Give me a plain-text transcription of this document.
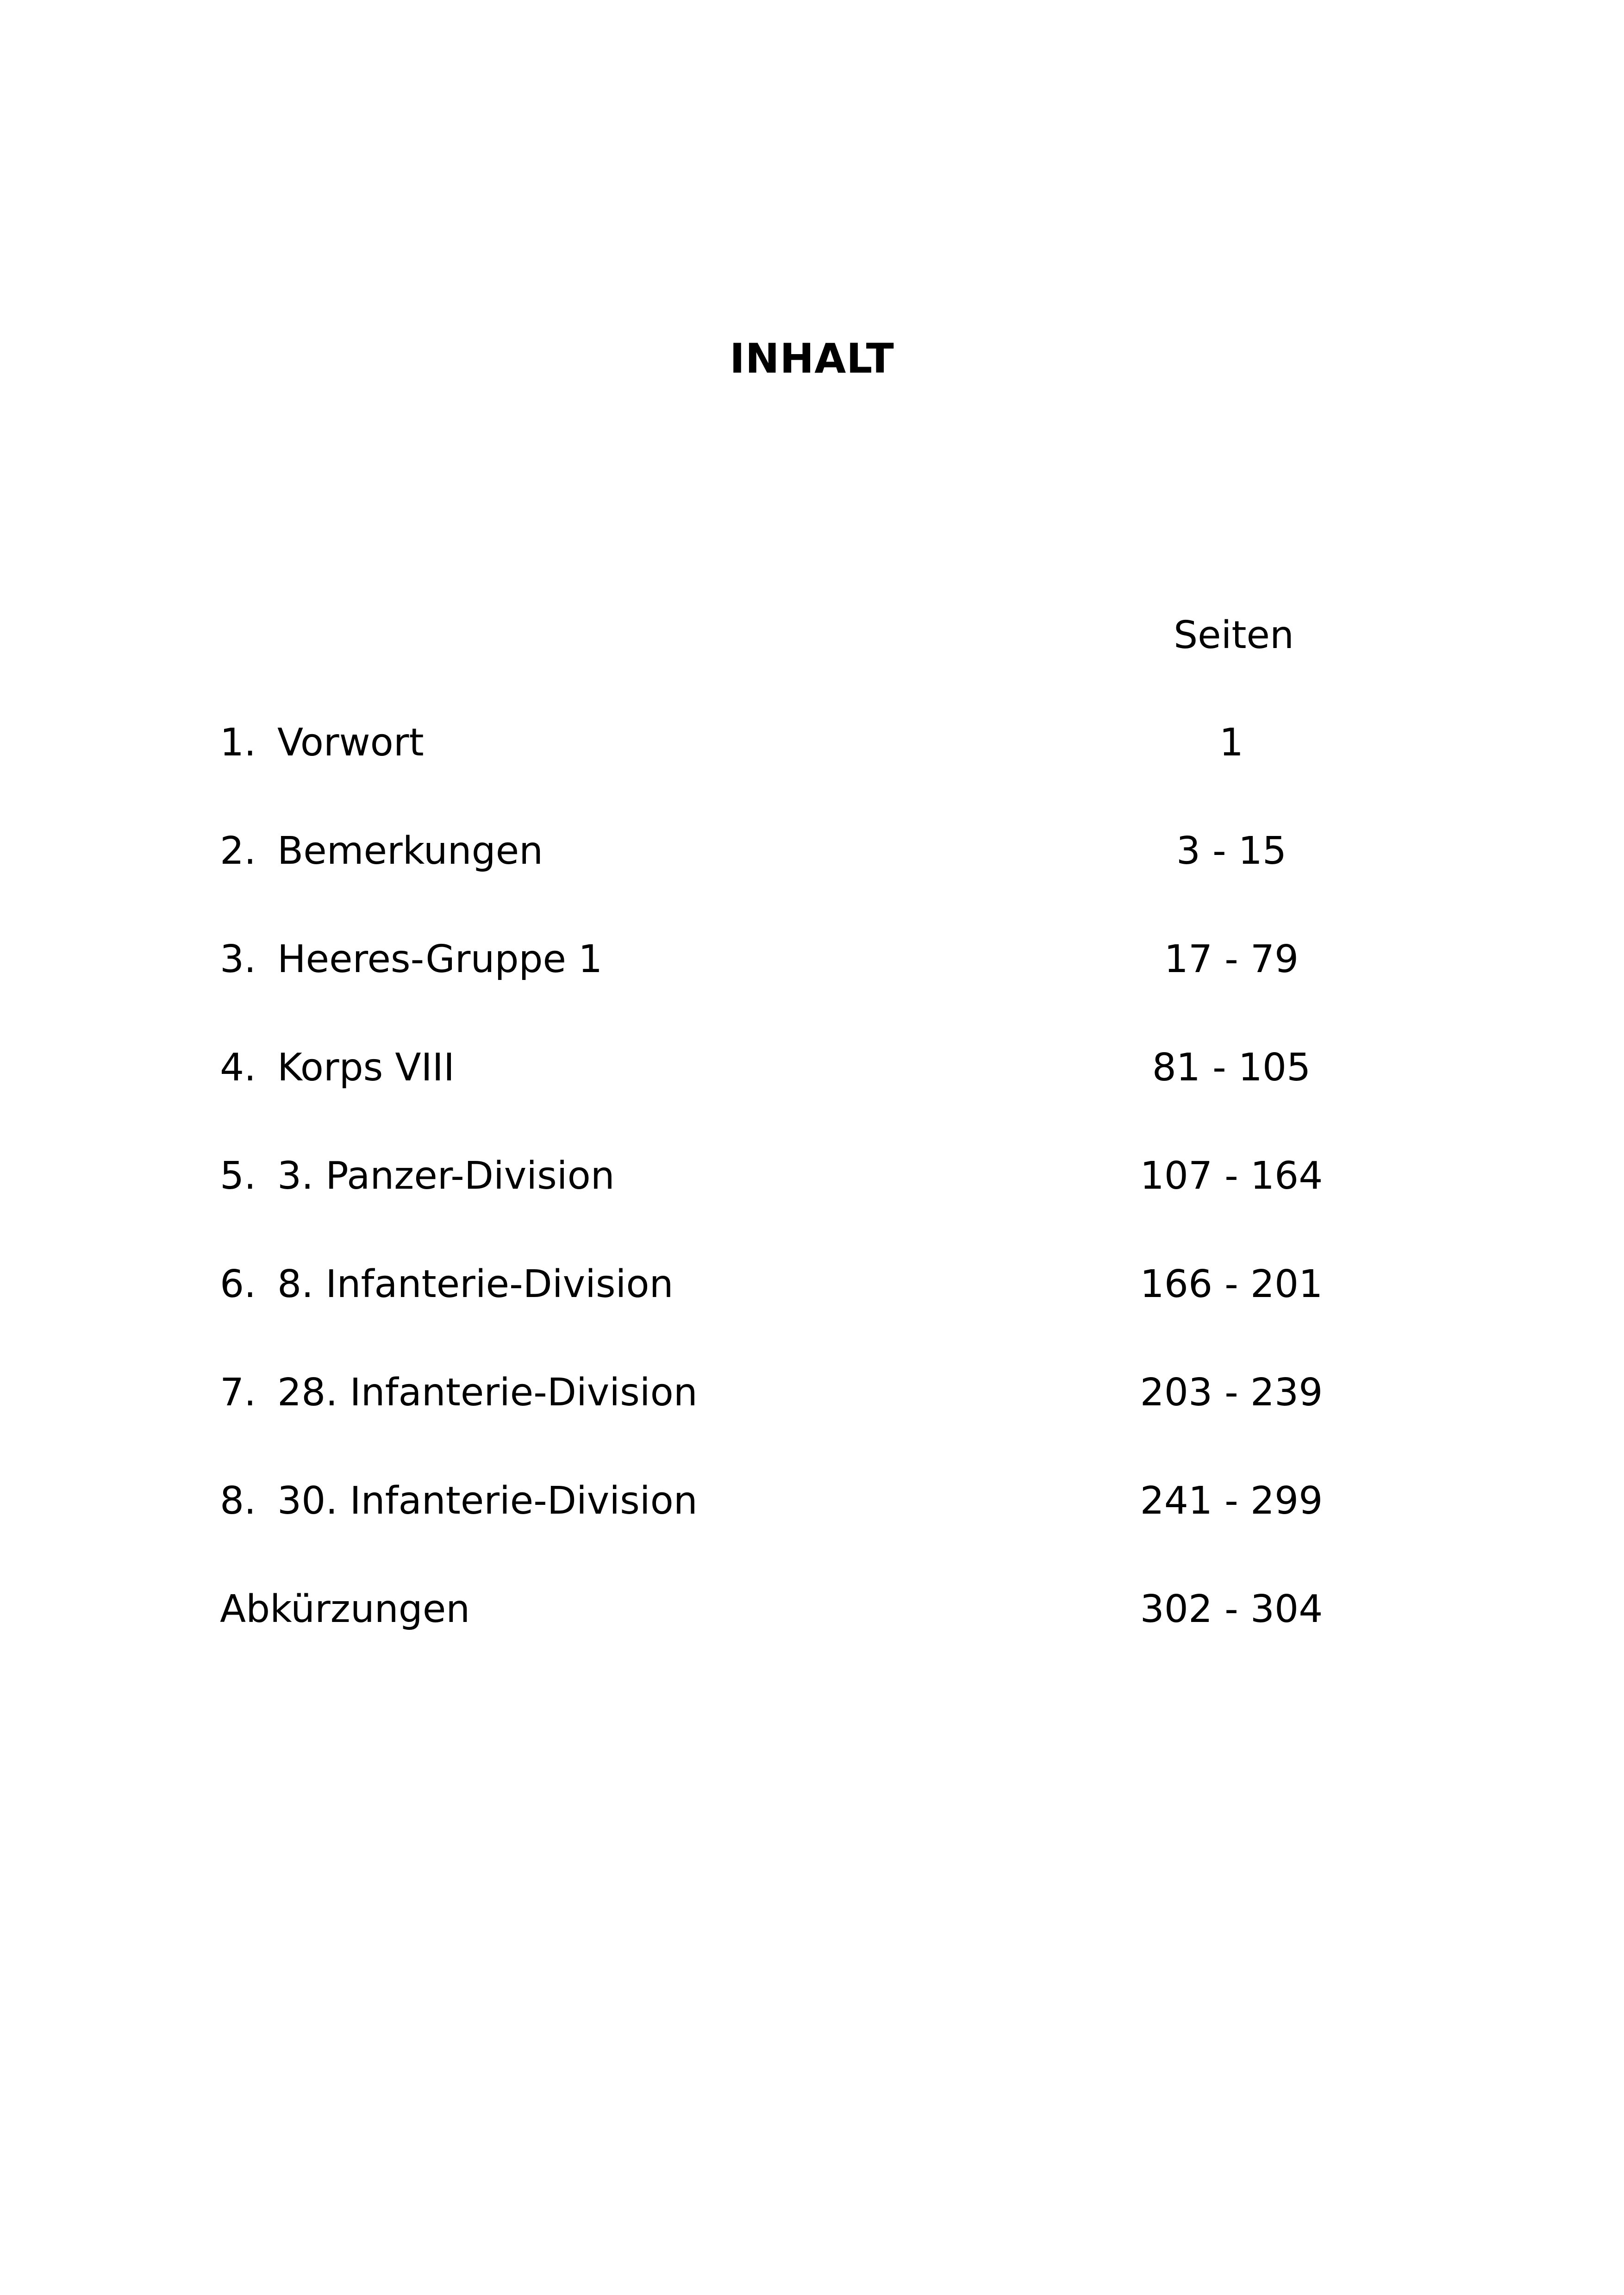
INHALT
Seiten
1. Vorwort	1
2. Bemerkungen	3 - 15
3. Heeres-Gruppe 1	17 - 79
4. Korps VIII	81 - 105
5. 3. Panzer-Division	107 - 164
6. 8. Infanterie-Division	166 - 201
7. 28. Infanterie-Division	203 - 239
8. 30. Infanterie-Division	241 - 299
Abkürzungen	302 - 304
